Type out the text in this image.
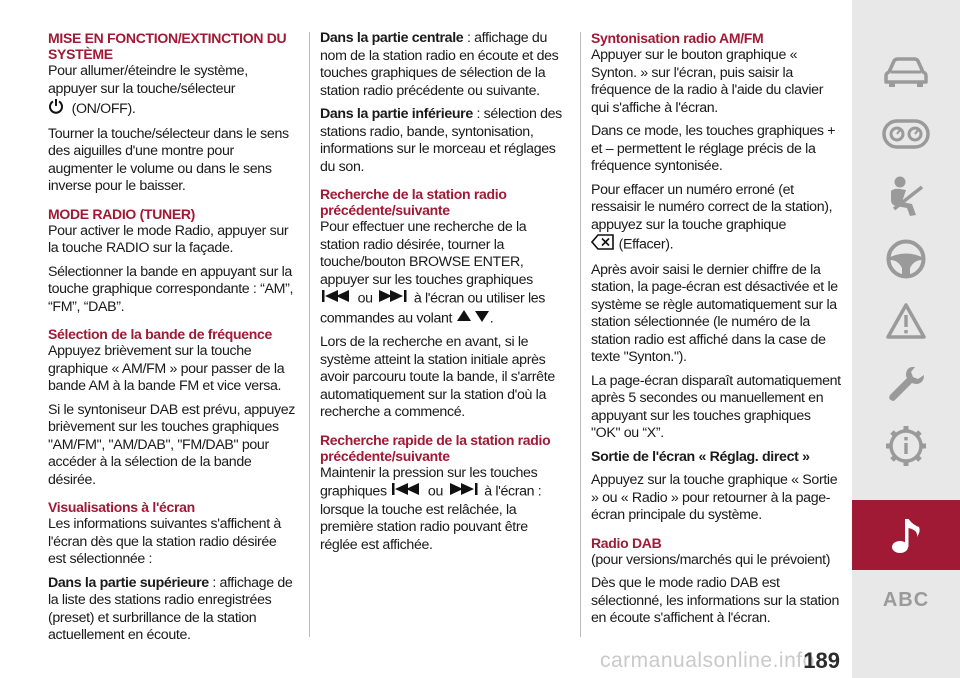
MISE EN FONCTION/EXTINCTION DU SYSTÈME

Pour allumer/éteindre le système, appuyer sur la touche/sélecteur
(ON/OFF).

Tourner la touche/sélecteur dans le sens des aiguilles d'une montre pour augmenter le volume ou dans le sens inverse pour le baisser.

MODE RADIO (TUNER)

Pour activer le mode Radio, appuyer sur la touche RADIO sur la façade.

Sélectionner la bande en appuyant sur la touche graphique correspondante : “AM”, “FM”, “DAB”.

Sélection de la bande de fréquence

Appuyez brièvement sur la touche graphique « AM/FM » pour passer de la bande AM à la bande FM et vice versa.

Si le syntoniseur DAB est prévu, appuyez brièvement sur les touches graphiques "AM/FM", "AM/DAB", "FM/DAB" pour accéder à la sélection de la bande désirée.

Visualisations à l'écran

Les informations suivantes s'affichent à l'écran dès que la station radio désirée est sélectionnée :

Dans la partie supérieure : affichage de la liste des stations radio enregistrées (preset) et surbrillance de la station actuellement en écoute.

Dans la partie centrale : affichage du nom de la station radio en écoute et des touches graphiques de sélection de la station radio précédente ou suivante.

Dans la partie inférieure : sélection des stations radio, bande, syntonisation, informations sur le morceau et réglages du son.

Recherche de la station radio précédente/suivante

Pour effectuer une recherche de la station radio désirée, tourner la touche/bouton BROWSE ENTER, appuyer sur les touches graphiques
ou	à l'écran ou utiliser les commandes au volant	.

Lors de la recherche en avant, si le système atteint la station initiale après avoir parcouru toute la bande, il s'arrête automatiquement sur la station d'où la recherche a commencé.

Recherche rapide de la station radio précédente/suivante

Maintenir la pression sur les touches graphiques	ou	à l'écran : lorsque la touche est relâchée, la première station radio pouvant être réglée est affichée.

Syntonisation radio AM/FM

Appuyer sur le bouton graphique « Synton. » sur l'écran, puis saisir la fréquence de la radio à l'aide du clavier qui s'affiche à l'écran.

Dans ce mode, les touches graphiques + et – permettent le réglage précis de la fréquence syntonisée.

Pour effacer un numéro erroné (et ressaisir le numéro correct de la station), appuyez sur la touche graphique
(Effacer).

Après avoir saisi le dernier chiffre de la station, la page-écran est désactivée et le système se règle automatiquement sur la station sélectionnée (le numéro de la station radio est affiché dans la case de texte "Synton.").

La page-écran disparaît automatiquement après 5 secondes ou manuellement en appuyant sur les touches graphiques "OK" ou “X”.

Sortie de l'écran « Réglag. direct »

Appuyez sur la touche graphique « Sortie » ou « Radio » pour retourner à la page-écran principale du système.

Radio DAB

(pour versions/marchés qui le prévoient)

Dès que le mode radio DAB est sélectionné, les informations sur la station en écoute s'affichent à l'écran.

ABC
carmanualsonline.info
189
